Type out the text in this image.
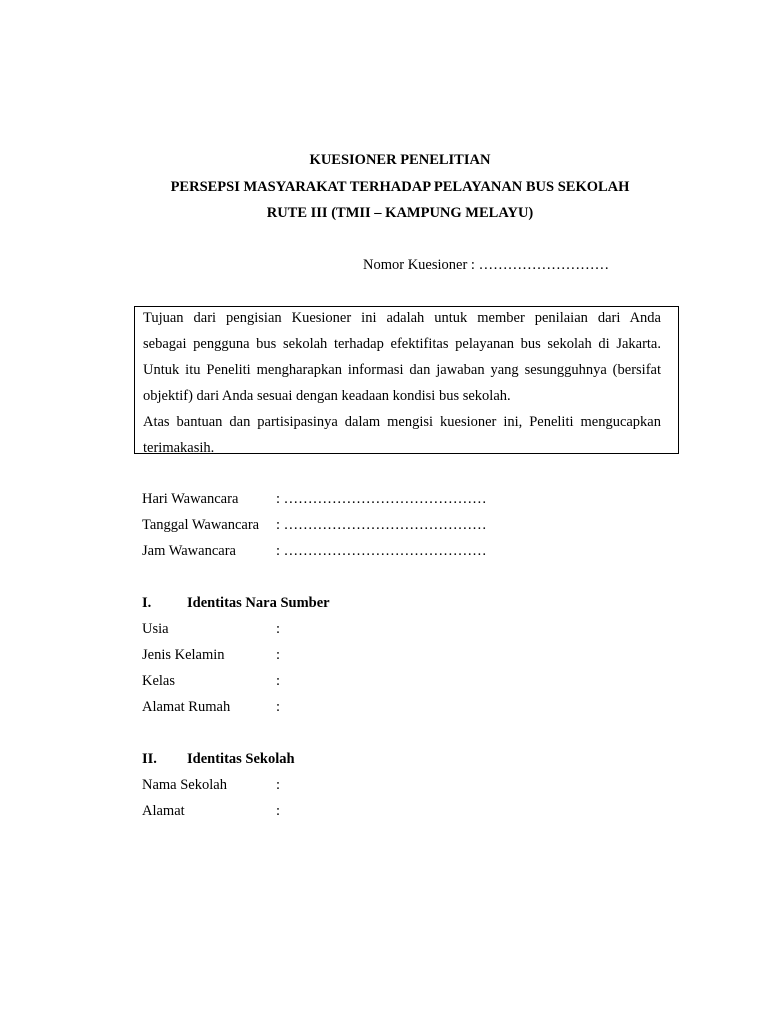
KUESIONER PENELITIAN
PERSEPSI MASYARAKAT TERHADAP PELAYANAN BUS SEKOLAH
RUTE III (TMII – KAMPUNG MELAYU)
Nomor Kuesioner : ………………………
Tujuan dari pengisian Kuesioner ini adalah untuk member penilaian dari Anda
sebagai pengguna bus sekolah terhadap efektifitas pelayanan bus sekolah di Jakarta.
Untuk itu Peneliti mengharapkan informasi dan jawaban yang sesungguhnya (bersifat
objektif) dari Anda sesuai dengan keadaan kondisi bus sekolah.
Atas bantuan dan partisipasinya dalam mengisi kuesioner ini, Peneliti mengucapkan
terimakasih.
Hari Wawancara	: ……………………………………
Tanggal Wawancara : ……………………………………
Jam Wawancara	: ……………………………………
I. Identitas Nara Sumber
Usia	:
Jenis Kelamin	:
Kelas	:
Alamat Rumah	:
II. Identitas Sekolah
Nama Sekolah	:
Alamat	:
